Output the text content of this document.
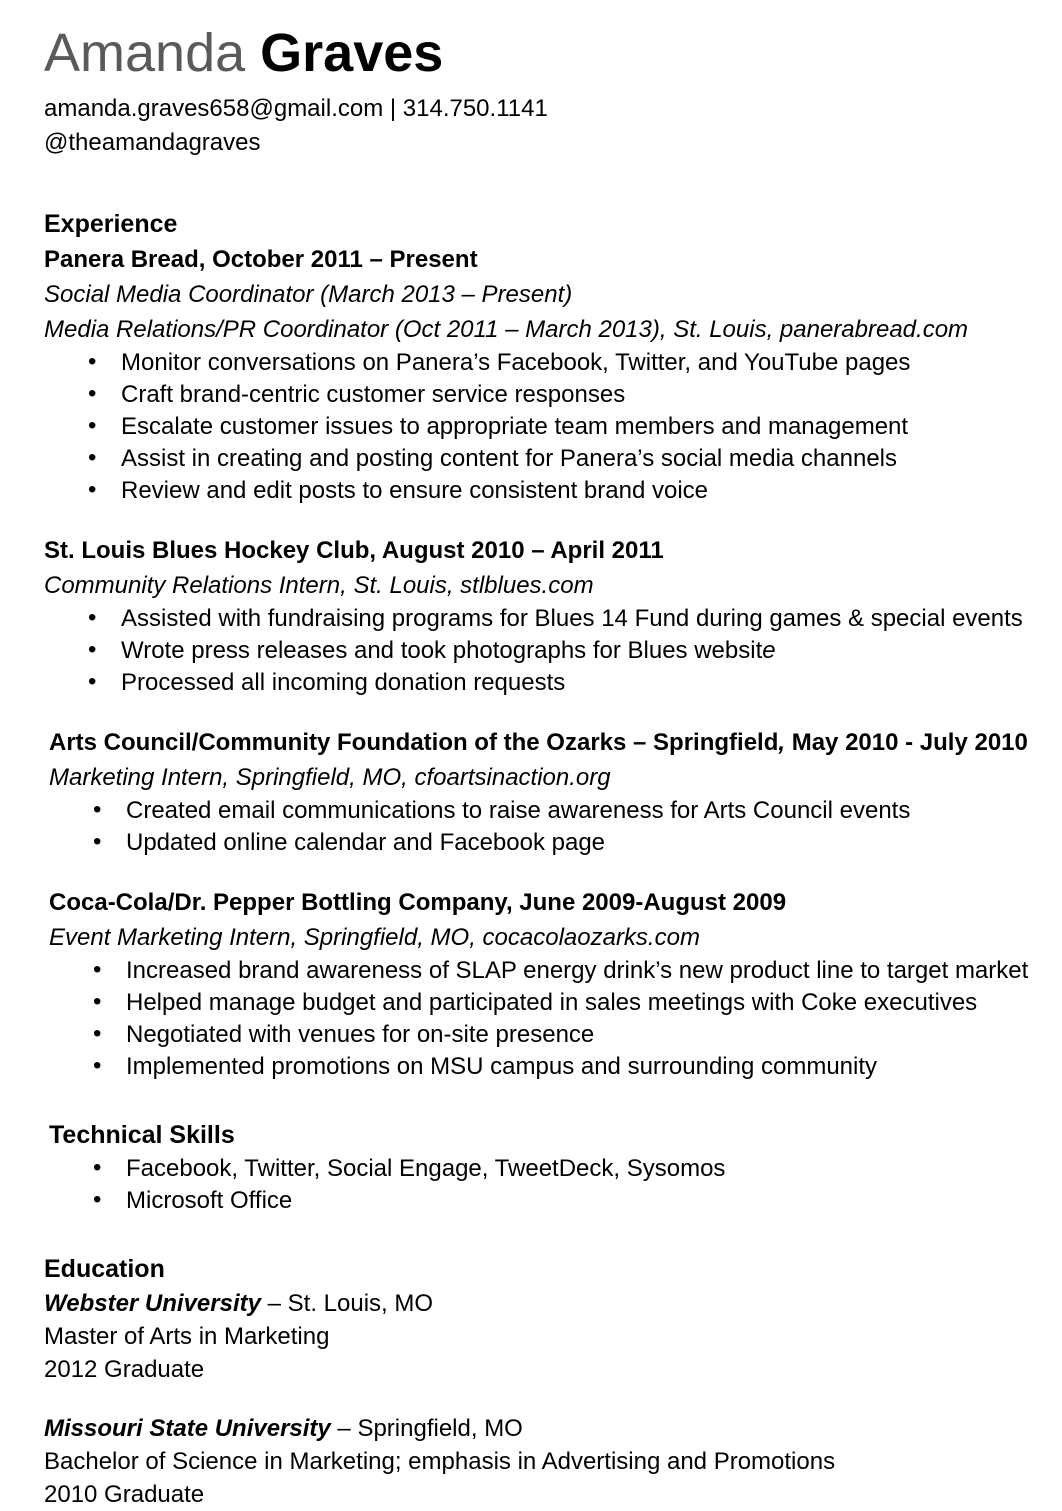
Amanda Graves
amanda.graves658@gmail.com | 314.750.1141
@theamandagraves
Experience
Panera Bread, October 2011 – Present
Social Media Coordinator (March 2013 – Present)
Media Relations/PR Coordinator (Oct 2011 – March 2013), St. Louis, panerabread.com
• Monitor conversations on Panera’s Facebook, Twitter, and YouTube pages
• Craft brand-centric customer service responses
• Escalate customer issues to appropriate team members and management
• Assist in creating and posting content for Panera’s social media channels
• Review and edit posts to ensure consistent brand voice
St. Louis Blues Hockey Club, August 2010 – April 2011
Community Relations Intern, St. Louis, stlblues.com
• Assisted with fundraising programs for Blues 14 Fund during games & special events
• Wrote press releases and took photographs for Blues website
• Processed all incoming donation requests
Arts Council/Community Foundation of the Ozarks – Springfield, May 2010 - July 2010
Marketing Intern, Springfield, MO, cfoartsinaction.org
• Created email communications to raise awareness for Arts Council events
• Updated online calendar and Facebook page
Coca-Cola/Dr. Pepper Bottling Company, June 2009-August 2009
Event Marketing Intern, Springfield, MO, cocacolaozarks.com
• Increased brand awareness of SLAP energy drink’s new product line to target market
• Helped manage budget and participated in sales meetings with Coke executives
• Negotiated with venues for on-site presence
• Implemented promotions on MSU campus and surrounding community
Technical Skills
• Facebook, Twitter, Social Engage, TweetDeck, Sysomos
• Microsoft Office
Education
Webster University – St. Louis, MO
Master of Arts in Marketing
2012 Graduate
Missouri State University – Springfield, MO
Bachelor of Science in Marketing; emphasis in Advertising and Promotions
2010 Graduate
